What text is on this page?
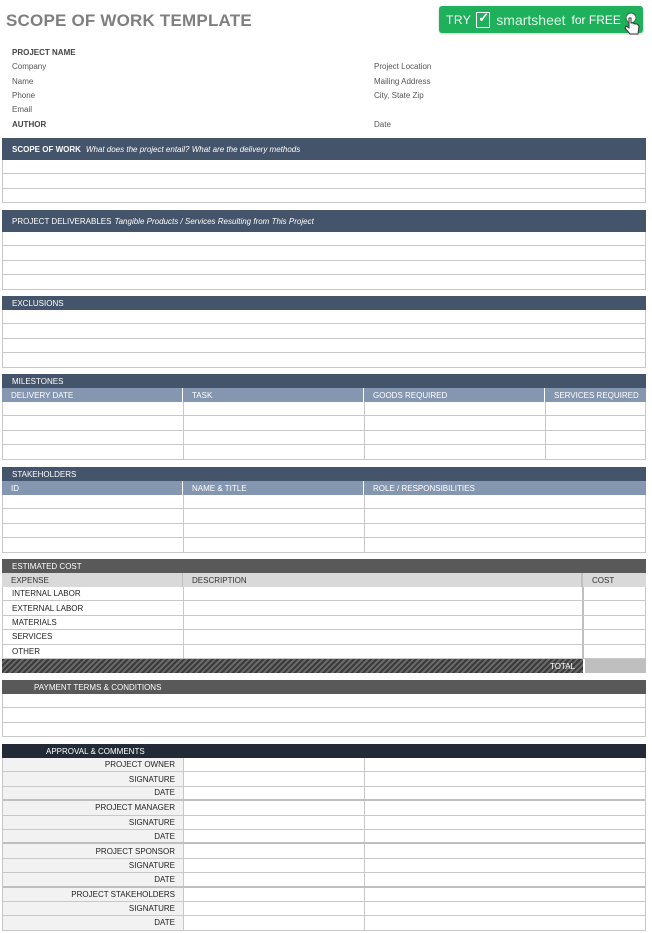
SCOPE OF WORK TEMPLATE	TRY
✓ smartsheet for FREE
PROJECT NAME
Company
Name
Phone
Email
AUTHOR
Project Location
Mailing Address
City, State Zip
Date
SCOPE OF WORK What does the project entail? What are the delivery methods
PROJECT DELIVERABLES Tangible Products / Services Resulting from This Project
EXCLUSIONS
MILESTONES
DELIVERY DATE	TASK	GOODS REQUIRED	SERVICES REQUIRED
STAKEHOLDERS
ID	NAME & TITLE	ROLE / RESPONSIBILITIES
ESTIMATED COST
EXPENSE	DESCRIPTION	COST
INTERNAL LABOR
EXTERNAL LABOR
MATERIALS
SERVICES
OTHER
TOTAL
PAYMENT TERMS & CONDITIONS
APPROVAL & COMMENTS
PROJECT OWNER
SIGNATURE
DATE
PROJECT MANAGER
SIGNATURE
DATE
PROJECT SPONSOR
SIGNATURE
DATE
PROJECT STAKEHOLDERS
SIGNATURE
DATE
